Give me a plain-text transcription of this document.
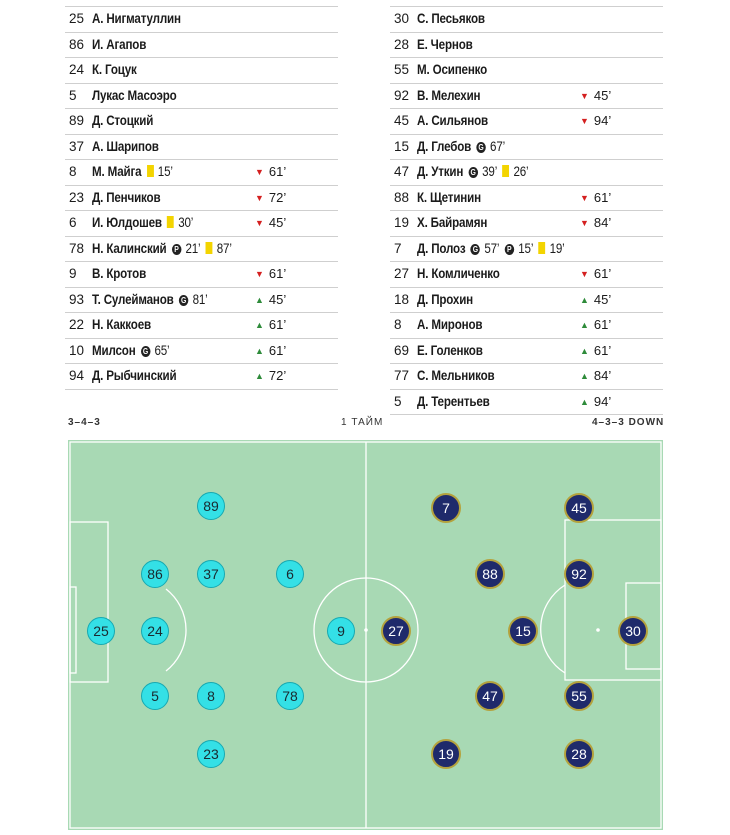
25 А. Нигматуллин
86 И. Агапов
24 К. Гоцук
5 Лукас Масоэро
89 Д. Стоцкий
37 А. Шарипов
8 М. Майга 15’	▼ 61’
23 Д. Пенчиков	▼ 72’
6 И. Юлдошев 30’	▼ 45’
78 Н. Калинский P 21’ 87’
9 В. Кротов	▼ 61’
93 Т. Сулейманов G 81’	▲ 45’
22 Н. Каккоев	▲ 61’
10 Милсон G 65’	▲ 61’
94 Д. Рыбчинский	▲ 72’
30 С. Песьяков
28 Е. Чернов
55 М. Осипенко
92 В. Мелехин	▼ 45’
45 А. Сильянов	▼ 94’
15 Д. Глебов G 67’
47 Д. Уткин G 39’ 26’
88 К. Щетинин	▼ 61’
19 Х. Байрамян	▼ 84’
7 Д. Полоз G 57’ P 15’ 19’
27 Н. Комличенко	▼ 61’
18 Д. Прохин	▲ 45’
8 А. Миронов	▲ 61’
69 Е. Голенков	▲ 61’
77 С. Мельников	▲ 84’
5 Д. Терентьев	▲ 94’
3–4–3	1 ТАЙМ	4–3–3 DOWN
89
86	37	6
25	24	9
5	8	78
23
7	45
88	92
27	15	30
47	55
19	28
